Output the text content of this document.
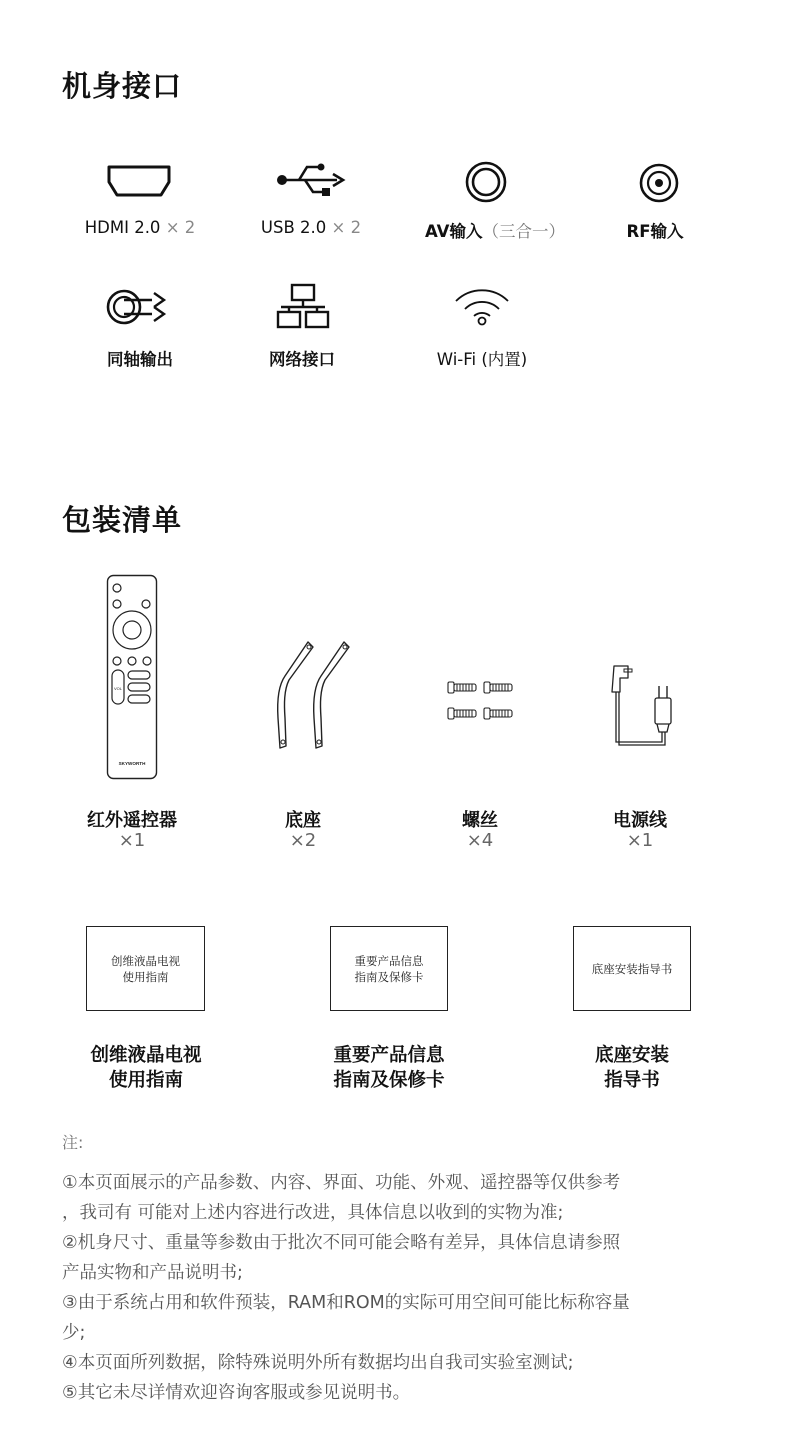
机身接口
HDMI 2.0 × 2	USB 2.0 × 2	AV输入（三合一）	RF输入
同轴输出	网络接口	Wi-Fi (内置)
包装清单
VOL
SKYWORTH
红外遥控器
×1
底座
×2
螺丝
×4
电源线
×1
创维液晶电视
使用指南
创维液晶电视
使用指南
重要产品信息
指南及保修卡
重要产品信息
指南及保修卡
底座安装指导书
底座安装
指导书
注:
①本页面展示的产品参数、内容、界面、功能、外观、遥控器等仅供参考
，我司有 可能对上述内容进行改进，具体信息以收到的实物为准;
②机身尺寸、重量等参数由于批次不同可能会略有差异，具体信息请参照
产品实物和产品说明书;
③由于系统占用和软件预装，RAM和ROM的实际可用空间可能比标称容量
少;
④本页面所列数据，除特殊说明外所有数据均出自我司实验室测试;
⑤其它未尽详情欢迎咨询客服或参见说明书。
